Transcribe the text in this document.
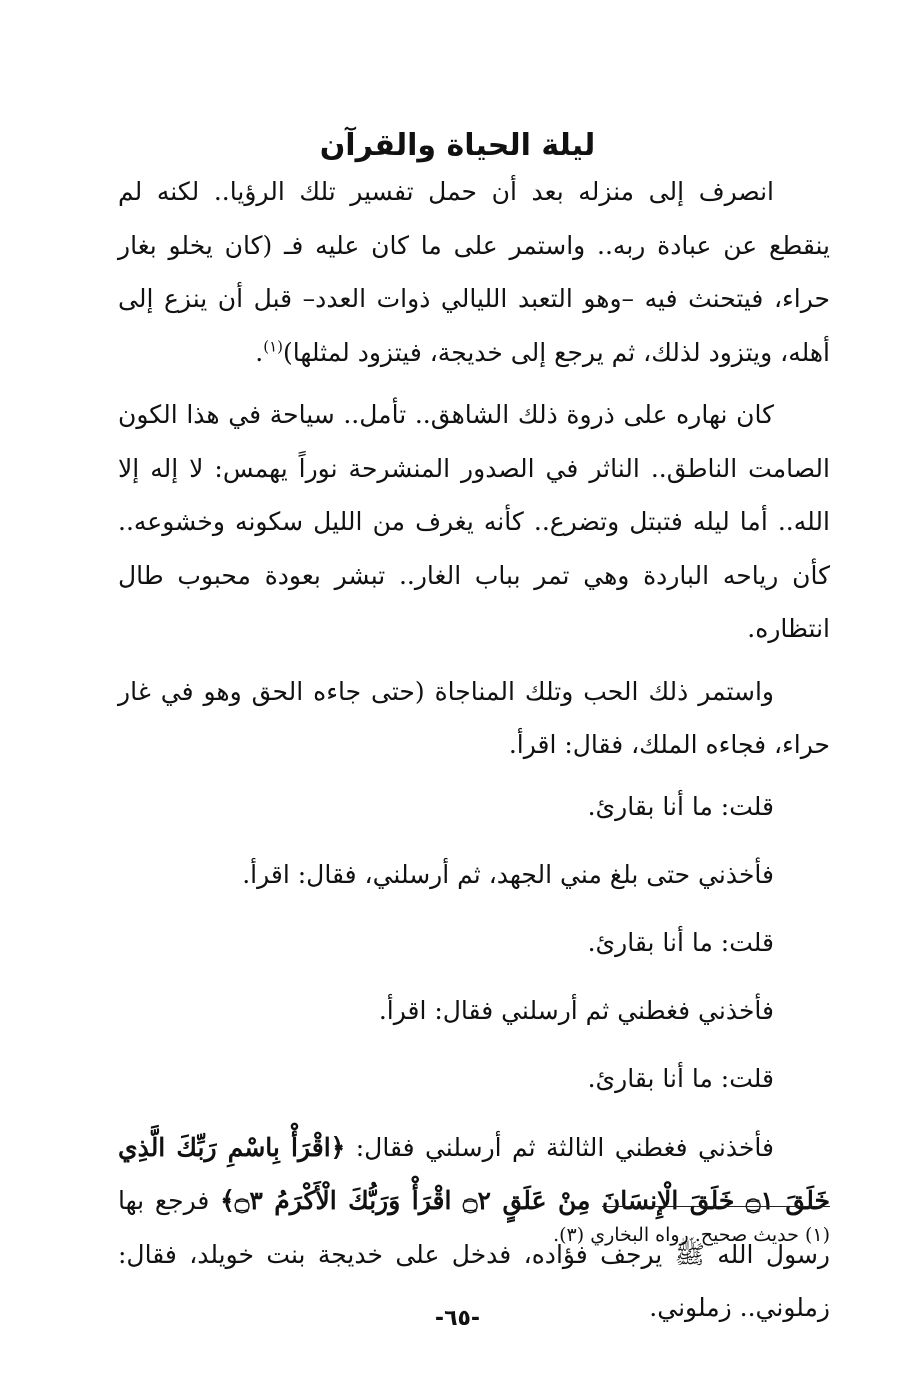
ليلة الحياة والقرآن

انصرف إلى منزله بعد أن حمل تفسير تلك الرؤيا.. لكنه لم ينقطع عن عبادة ربه.. واستمر على ما كان عليه فـ (كان يخلو بغار حراء، فيتحنث فيه –وهو التعبد الليالي ذوات العدد– قبل أن ينزع إلى أهله، ويتزود لذلك، ثم يرجع إلى خديجة، فيتزود لمثلها)$^{(١)}$.

كان نهاره على ذروة ذلك الشاهق.. تأمل.. سياحة في هذا الكون الصامت الناطق.. الناثر في الصدور المنشرحة نوراً يهمس: لا إله إلا الله.. أما ليله فتبتل وتضرع.. كأنه يغرف من الليل سكونه وخشوعه.. كأن رياحه الباردة وهي تمر بباب الغار.. تبشر بعودة محبوب طال انتظاره.

واستمر ذلك الحب وتلك المناجاة (حتى جاءه الحق وهو في غار حراء، فجاءه الملك، فقال: اقرأ.

قلت: ما أنا بقارئ.

فأخذني حتى بلغ مني الجهد، ثم أرسلني، فقال: اقرأ.

قلت: ما أنا بقارئ.

فأخذني فغطني ثم أرسلني فقال: اقرأ.

قلت: ما أنا بقارئ.

فأخذني فغطني الثالثة ثم أرسلني فقال: ﴿اقْرَأْ بِاسْمِ رَبِّكَ الَّذِي خَلَقَ ۝١ خَلَقَ الْإِنسَانَ مِنْ عَلَقٍ ۝٢ اقْرَأْ وَرَبُّكَ الْأَكْرَمُ ۝٣﴾ فرجع بها رسول الله ﷺ يرجف فؤاده، فدخل على خديجة بنت خويلد، فقال: زملوني.. زملوني.

(١) حديث صحيح. رواه البخاري (٣).
-٦٥-
